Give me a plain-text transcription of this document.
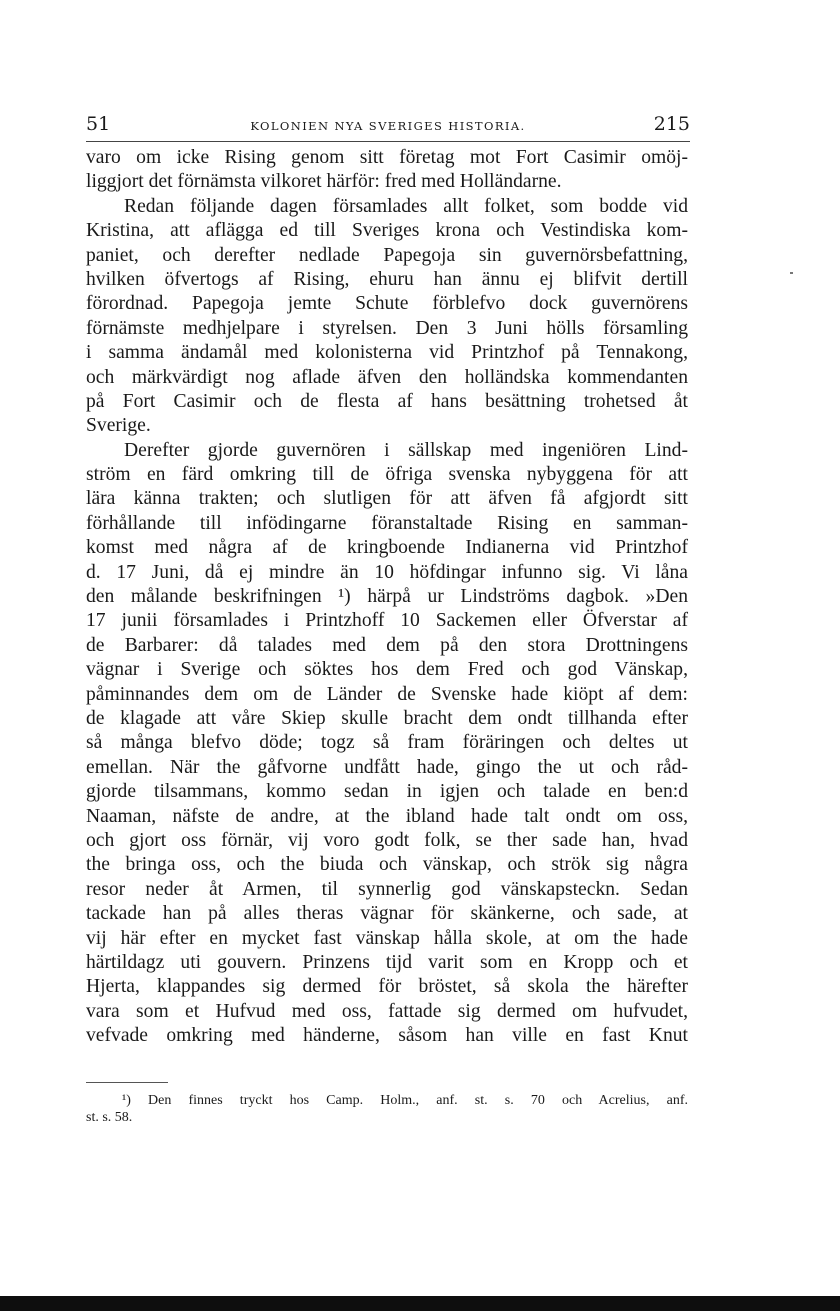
51	KOLONIEN NYA SVERIGES HISTORIA.	215
varo om icke Rising genom sitt företag mot Fort Casimir omöj-
liggjort det förnämsta vilkoret härför: fred med Holländarne.
Redan följande dagen församlades allt folket, som bodde vid
Kristina, att aflägga ed till Sveriges krona och Vestindiska kom-
paniet, och derefter nedlade Papegoja sin guvernörsbefattning,
hvilken öfvertogs af Rising, ehuru han ännu ej blifvit dertill
förordnad. Papegoja jemte Schute förblefvo dock guvernörens
förnämste medhjelpare i styrelsen. Den 3 Juni hölls församling
i samma ändamål med kolonisterna vid Printzhof på Tennakong,
och märkvärdigt nog aflade äfven den holländska kommendanten
på Fort Casimir och de flesta af hans besättning trohetsed åt
Sverige.
Derefter gjorde guvernören i sällskap med ingeniören Lind-
ström en färd omkring till de öfriga svenska nybyggena för att
lära känna trakten; och slutligen för att äfven få afgjordt sitt
förhållande till infödingarne föranstaltade Rising en samman-
komst med några af de kringboende Indianerna vid Printzhof
d. 17 Juni, då ej mindre än 10 höfdingar infunno sig. Vi låna
den målande beskrifningen ¹) härpå ur Lindströms dagbok. »Den
17 junii församlades i Printzhoff 10 Sackemen eller Öfverstar af
de Barbarer: då talades med dem på den stora Drottningens
vägnar i Sverige och söktes hos dem Fred och god Vänskap,
påminnandes dem om de Länder de Svenske hade kiöpt af dem:
de klagade att våre Skiep skulle bracht dem ondt tillhanda efter
så många blefvo döde; togz så fram föräringen och deltes ut
emellan. När the gåfvorne undfått hade, gingo the ut och råd-
gjorde tilsammans, kommo sedan in igjen och talade en ben:d
Naaman, näfste de andre, at the ibland hade talt ondt om oss,
och gjort oss förnär, vij voro godt folk, se ther sade han, hvad
the bringa oss, och the biuda och vänskap, och strök sig några
resor neder åt Armen, til synnerlig god vänskapsteckn. Sedan
tackade han på alles theras vägnar för skänkerne, och sade, at
vij här efter en mycket fast vänskap hålla skole, at om the hade
härtildagz uti gouvern. Prinzens tijd varit som en Kropp och et
Hjerta, klappandes sig dermed för bröstet, så skola the härefter
vara som et Hufvud med oss, fattade sig dermed om hufvudet,
vefvade omkring med händerne, såsom han ville en fast Knut
¹) Den finnes tryckt hos Camp. Holm., anf. st. s. 70 och Acrelius, anf.
st. s. 58.
